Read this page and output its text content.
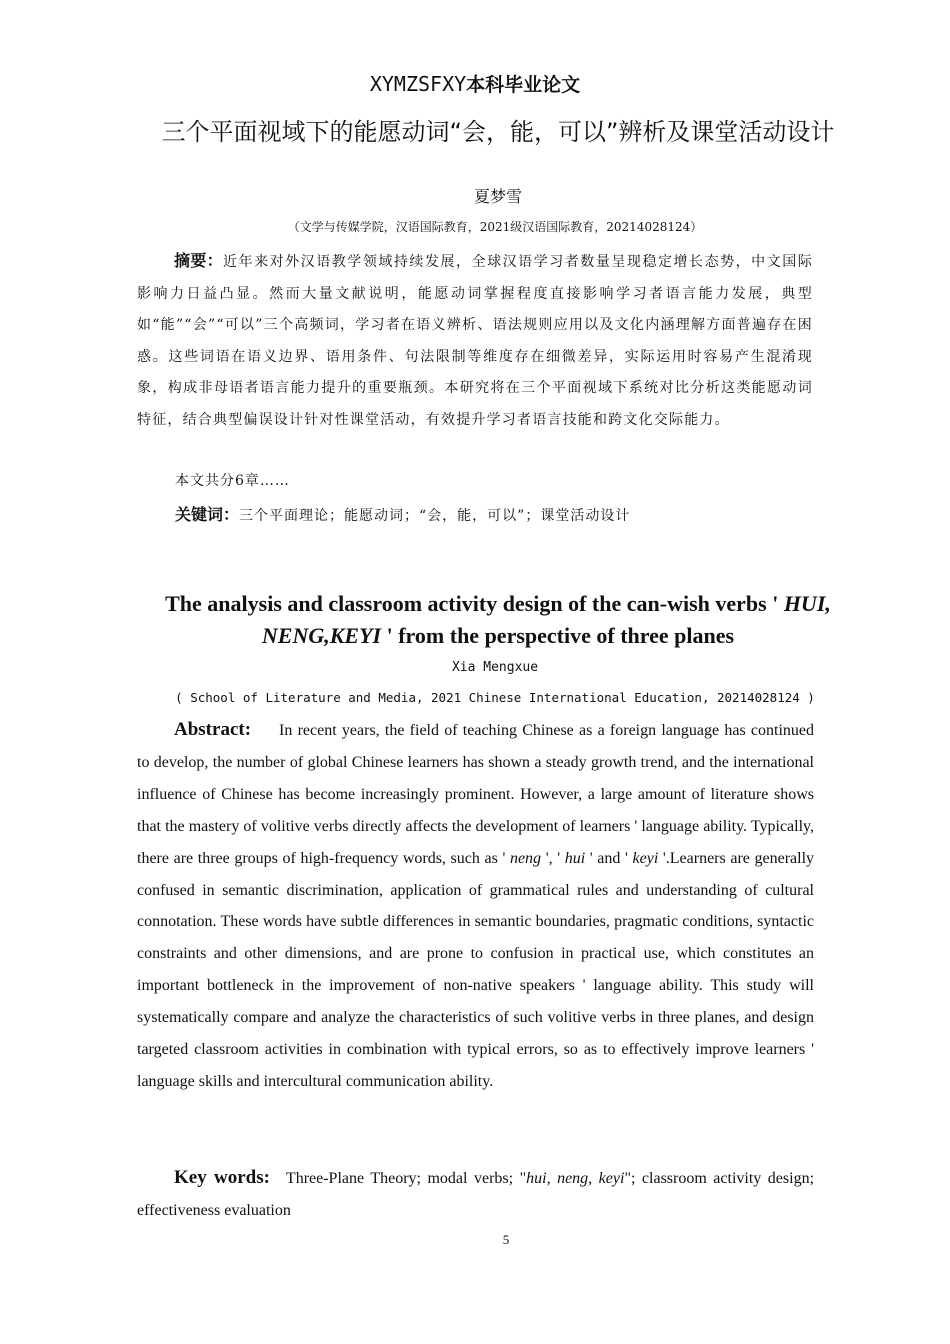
XYMZSFXY本科毕业论文
三个平面视域下的能愿动词“会，能，可以”辨析及课堂活动设计
夏梦雪
（文学与传媒学院，汉语国际教育，2021级汉语国际教育，20214028124）
摘要：近年来对外汉语教学领域持续发展，全球汉语学习者数量呈现稳定增长态势，中文国际影响力日益凸显。然而大量文献说明，能愿动词掌握程度直接影响学习者语言能力发展，典型如“能”“会”“可以”三个高频词，学习者在语义辨析、语法规则应用以及文化内涵理解方面普遍存在困惑。这些词语在语义边界、语用条件、句法限制等维度存在细微差异，实际运用时容易产生混淆现象，构成非母语者语言能力提升的重要瓶颈。本研究将在三个平面视域下系统对比分析这类能愿动词特征，结合典型偏误设计针对性课堂活动，有效提升学习者语言技能和跨文化交际能力。
本文共分6章……
关键词：三个平面理论；能愿动词；“会，能，可以”；课堂活动设计
The analysis and classroom activity design of the can-wish verbs ' HUI, NENG,KEYI ' from the perspective of three planes
Xia Mengxue
( School of Literature and Media, 2021 Chinese International Education, 20214028124 )
Abstract: In recent years, the field of teaching Chinese as a foreign language has continued to develop, the number of global Chinese learners has shown a steady growth trend, and the international influence of Chinese has become increasingly prominent. However, a large amount of literature shows that the mastery of volitive verbs directly affects the development of learners ' language ability. Typically, there are three groups of high-frequency words, such as ' neng ', ' hui ' and ' keyi '.Learners are generally confused in semantic discrimination, application of grammatical rules and understanding of cultural connotation. These words have subtle differences in semantic boundaries, pragmatic conditions, syntactic constraints and other dimensions, and are prone to confusion in practical use, which constitutes an important bottleneck in the improvement of non-native speakers ' language ability. This study will systematically compare and analyze the characteristics of such volitive verbs in three planes, and design targeted classroom activities in combination with typical errors, so as to effectively improve learners ' language skills and intercultural communication ability.
Key words: Three-Plane Theory; modal verbs; "hui, neng, keyi"; classroom activity design; effectiveness evaluation
5
